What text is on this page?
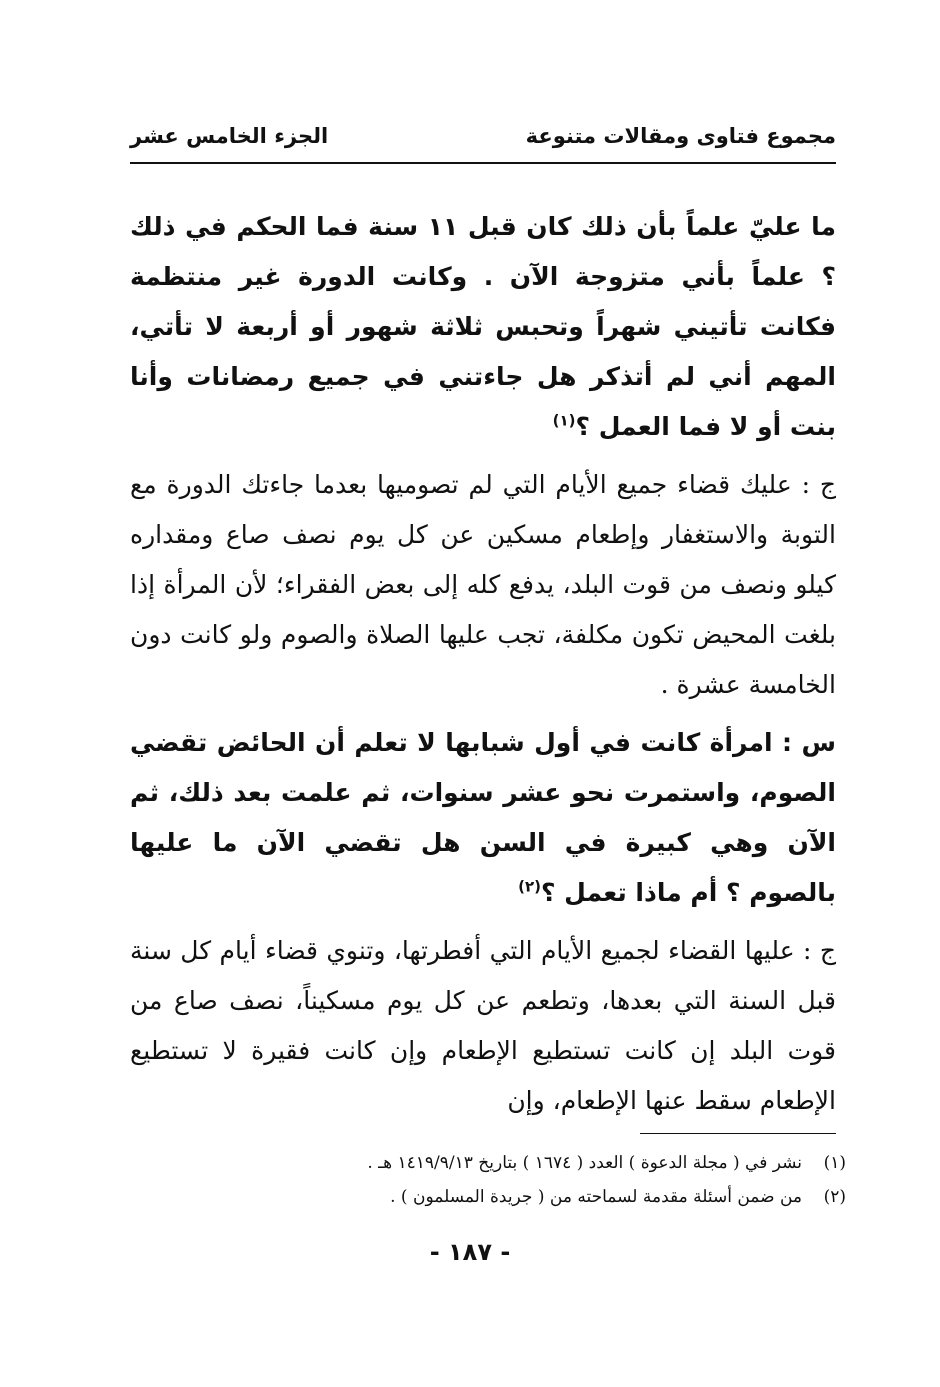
مجموع فتاوى ومقالات متنوعة
الجزء الخامس عشر

ما عليّ علماً بأن ذلك كان قبل ١١ سنة فما الحكم في ذلك ؟ علماً بأني متزوجة الآن . وكانت الدورة غير منتظمة فكانت تأتيني شهراً وتحبس ثلاثة شهور أو أربعة لا تأتي، المهم أني لم أتذكر هل جاءتني في جميع رمضانات وأنا بنت أو لا فما العمل ؟$^{(١)}$

ج : عليك قضاء جميع الأيام التي لم تصوميها بعدما جاءتك الدورة مع التوبة والاستغفار وإطعام مسكين عن كل يوم نصف صاع ومقداره كيلو ونصف من قوت البلد، يدفع كله إلى بعض الفقراء؛ لأن المرأة إذا بلغت المحيض تكون مكلفة، تجب عليها الصلاة والصوم ولو كانت دون الخامسة عشرة .

س : امرأة كانت في أول شبابها لا تعلم أن الحائض تقضي الصوم، واستمرت نحو عشر سنوات، ثم علمت بعد ذلك، ثم الآن وهي كبيرة في السن هل تقضي الآن ما عليها بالصوم ؟ أم ماذا تعمل ؟$^{(٢)}$

ج : عليها القضاء لجميع الأيام التي أفطرتها، وتنوي قضاء أيام كل سنة قبل السنة التي بعدها، وتطعم عن كل يوم مسكيناً، نصف صاع من قوت البلد إن كانت تستطيع الإطعام وإن كانت فقيرة لا تستطيع الإطعام سقط عنها الإطعام، وإن

(١)نشر في ( مجلة الدعوة ) العدد ( ١٦٧٤ ) بتاريخ ١٤١٩/٩/١٣ هـ .
(٢)من ضمن أسئلة مقدمة لسماحته من ( جريدة المسلمون ) .
- ١٨٧ -
